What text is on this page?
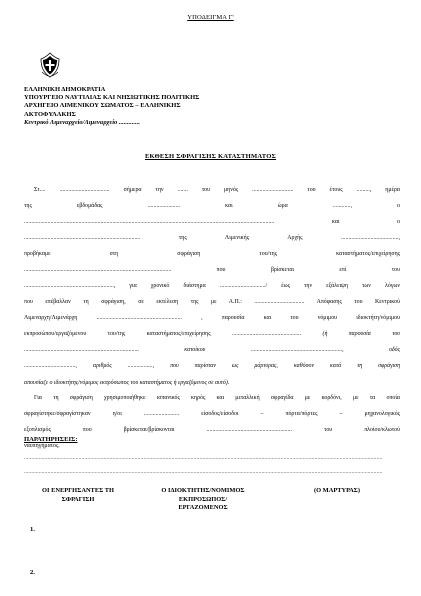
ΥΠΟΔΕΙΓΜΑ Γ'
ΕΛΛΗΝΙΚΗ ΔΗΜΟΚΡΑΤΙΑ
ΥΠΟΥΡΓΕΙΟ ΝΑΥΤΙΛΙΑΣ ΚΑΙ ΝΗΣΙΩΤΙΚΗΣ ΠΟΛΙΤΙΚΗΣ
ΑΡΧΗΓΕΙΟ ΛΙΜΕΝΙΚΟΥ ΣΩΜΑΤΟΣ – ΕΛΛΗΝΙΚΗΣ
ΑΚΤΟΦΥΛΑΚΗΣ
Κεντρικό Λιμεναρχείο/Λιμεναρχείο .............
ΕΚΘΕΣΗ ΣΦΡΑΓΙΣΗΣ ΚΑΤΑΣΤΗΜΑΤΟΣ

Στ.... .................................. σήμερα την ....... του μηνός ............................ του έτους ........., ημέρα

της εβδομάδας ...................... και ώρα ............, ο

.......................................................................................................................................................................... και ο

............................................................................... της Λιμενικής Αρχής .......................................,

προβήκαμε στη σφράγιση του/της καταστήματος/επιχείρησης

.................................................................................................... που βρίσκεται επί του

............................................................., για χρονικό διάστημα .............................../ έως την εξάλειψη των λόγων

που επέβαλλαν τη σφράγιση, σε εκτέλεση της με Α.Π.: .................................. Απόφασης του Κεντρικού

Λιμεναρχη/Λιμενάρχη .......................................................... , παρουσία και του νόμιμου ιδιοκτήτη/νόμιμου

εκπροσώπου/εργαζόμενου του/της καταστήματος/επιχείρησης ............................................... (ή παρουσία του

..............................................................................	κατοίκου	..............................................................,	οδός

..................................., αριθμός ................., που παρίσταν ως μάρτυρας, καθόσον κατά τη σφράγιση

απουσίαζε ο ιδιοκτήτης/νόμιμος εκπρόσωπος του καταστήματος ή εργαζόμενος σε αυτό).

Για τη σφράγιση χρησιμοποιήθηκε ισπανικός κηρός και μεταλλική σφραγίδα με κορδόνι, με τα οποία

σφραγίστηκε/σφραγίστηκαν η/οι ........................ είσοδος/είσοδοι – πόρτα/πόρτες – μηχανολογικός

εξοπλισμός που βρίσκεται/βρίσκονται .......................................................... του πλοίου/κλωτού

ναυπηγήματος.

ΠΑΡΑΤΗΡΗΣΕΙΣ:
...................................................................................................................................................................................................................................................
...................................................................................................................................................................................................................................................
ΟΙ ΕΝΕΡΓΗΣΑΝΤΕΣ ΤΗ
ΣΦΡΑΓΙΣΗ
Ο ΙΔΙΟΚΤΗΤΗΣ/ΝΟΜΙΜΟΣ
ΕΚΠΡΟΣΩΠΟΣ/
ΕΡΓΑΖΟΜΕΝΟΣ
(Ο ΜΑΡΤΥΡΑΣ)
1.
2.
